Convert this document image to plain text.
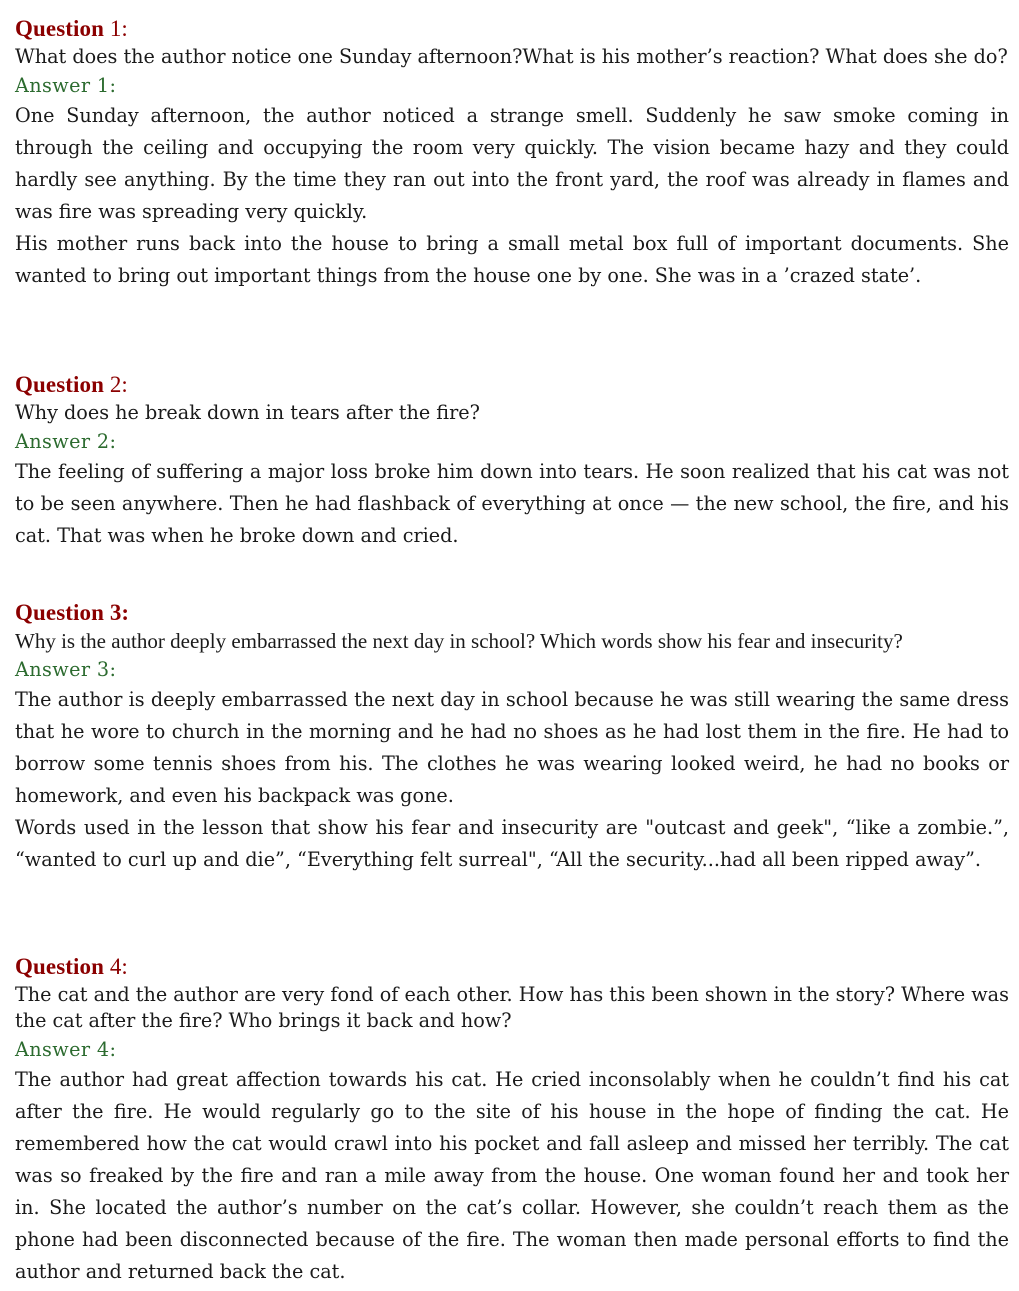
Question 1:

What does the author notice one Sunday afternoon?What is his mother’s reaction? What does she do?

Answer 1:

One Sunday afternoon, the author noticed a strange smell. Suddenly he saw smoke coming in through the ceiling and occupying the room very quickly. The vision became hazy and they could hardly see anything. By the time they ran out into the front yard, the roof was already in flames and was fire was spreading very quickly.

His mother runs back into the house to bring a small metal box full of important documents. She wanted to bring out important things from the house one by one. She was in a ’crazed state’.

Question 2:

Why does he break down in tears after the fire?

Answer 2:

The feeling of suffering a major loss broke him down into tears. He soon realized that his cat was not to be seen anywhere. Then he had flashback of everything at once — the new school, the fire, and his cat. That was when he broke down and cried.

Question 3:

Why is the author deeply embarrassed the next day in school? Which words show his fear and insecurity?

Answer 3:

The author is deeply embarrassed the next day in school because he was still wearing the same dress that he wore to church in the morning and he had no shoes as he had lost them in the fire. He had to borrow some tennis shoes from his. The clothes he was wearing looked weird, he had no books or homework, and even his backpack was gone.

Words used in the lesson that show his fear and insecurity are "outcast and geek", “like a zombie.”, “wanted to curl up and die”, “Everything felt surreal", “All the security...had all been ripped away”.

Question 4:

The cat and the author are very fond of each other. How has this been shown in the story? Where was the cat after the fire? Who brings it back and how?

Answer 4:

The author had great affection towards his cat. He cried inconsolably when he couldn’t find his cat after the fire. He would regularly go to the site of his house in the hope of finding the cat. He remembered how the cat would crawl into his pocket and fall asleep and missed her terribly. The cat was so freaked by the fire and ran a mile away from the house. One woman found her and took her in. She located the author’s number on the cat’s collar. However, she couldn’t reach them as the phone had been disconnected because of the fire. The woman then made personal efforts to find the author and returned back the cat.
